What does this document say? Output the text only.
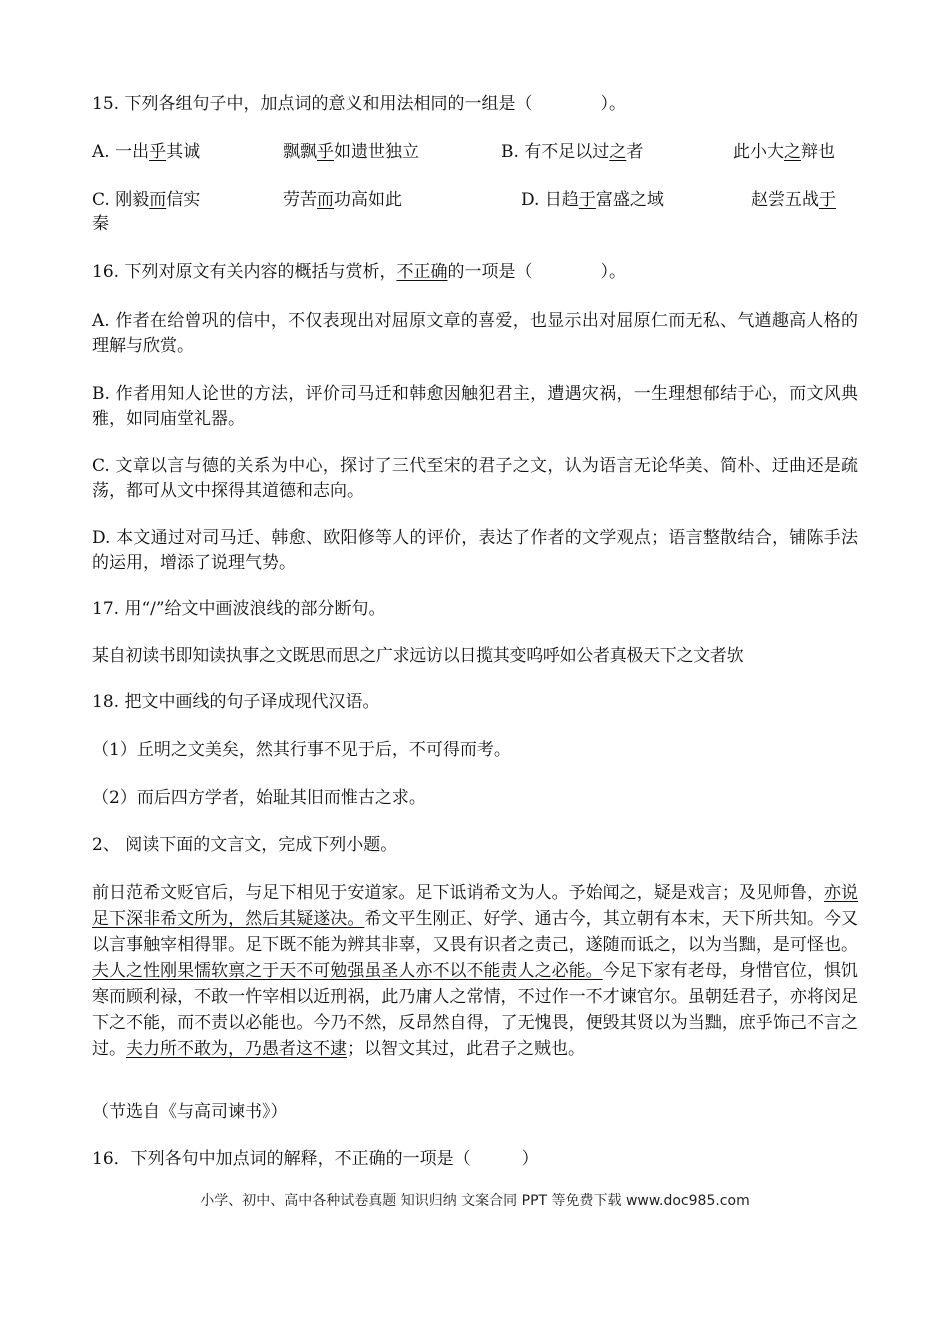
15. 下列各组句子中，加点词的意义和用法相同的一组是（　　　　）。
A. 一出乎其诚	飘飘乎如遗世独立	B. 有不足以过之者	此小大之辩也
C. 刚毅而信实	劳苦而功高如此	D. 日趋于富盛之域	赵尝五战于
秦
16. 下列对原文有关内容的概括与赏析，不正确的一项是（　　　　）。
A. 作者在给曾巩的信中，不仅表现出对屈原文章的喜爱，也显示出对屈原仁而无私、气遒趣高人格的理解与欣赏。
B. 作者用知人论世的方法，评价司马迁和韩愈因触犯君主，遭遇灾祸，一生理想郁结于心，而文风典雅，如同庙堂礼器。
C. 文章以言与德的关系为中心，探讨了三代至宋的君子之文，认为语言无论华美、简朴、迂曲还是疏荡，都可从文中探得其道德和志向。
D. 本文通过对司马迁、韩愈、欧阳修等人的评价，表达了作者的文学观点；语言整散结合，铺陈手法的运用，增添了说理气势。
17. 用“/”给文中画波浪线的部分断句。
某自初读书即知读执事之文既思而思之广求远访以日揽其变呜呼如公者真极天下之文者欤
18. 把文中画线的句子译成现代汉语。
（1）丘明之文美矣，然其行事不见于后，不可得而考。
（2）而后四方学者，始耻其旧而惟古之求。
2、 阅读下面的文言文，完成下列小题。
前日范希文贬官后，与足下相见于安道家。足下诋诮希文为人。予始闻之，疑是戏言；及见师鲁，亦说足下深非希文所为，然后其疑遂决。希文平生刚正、好学、通古今，其立朝有本末，天下所共知。今又以言事触宰相得罪。足下既不能为辨其非辜，又畏有识者之责己，遂随而诋之，以为当黜，是可怪也。夫人之性刚果懦软禀之于天不可勉强虽圣人亦不以不能责人之必能。今足下家有老母，身惜官位，惧饥寒而顾利禄，不敢一忤宰相以近刑祸，此乃庸人之常情，不过作一不才谏官尔。虽朝廷君子，亦将闵足下之不能，而不责以必能也。今乃不然，反昂然自得，了无愧畏，便毁其贤以为当黜，庶乎饰己不言之过。夫力所不敢为，乃愚者这不逮；以智文其过，此君子之贼也。
（节选自《与高司谏书》）
16．下列各句中加点词的解释，不正确的一项是（　　　）
小学、初中、高中各种试卷真题 知识归纳 文案合同 PPT 等免费下载 www.doc985.com
